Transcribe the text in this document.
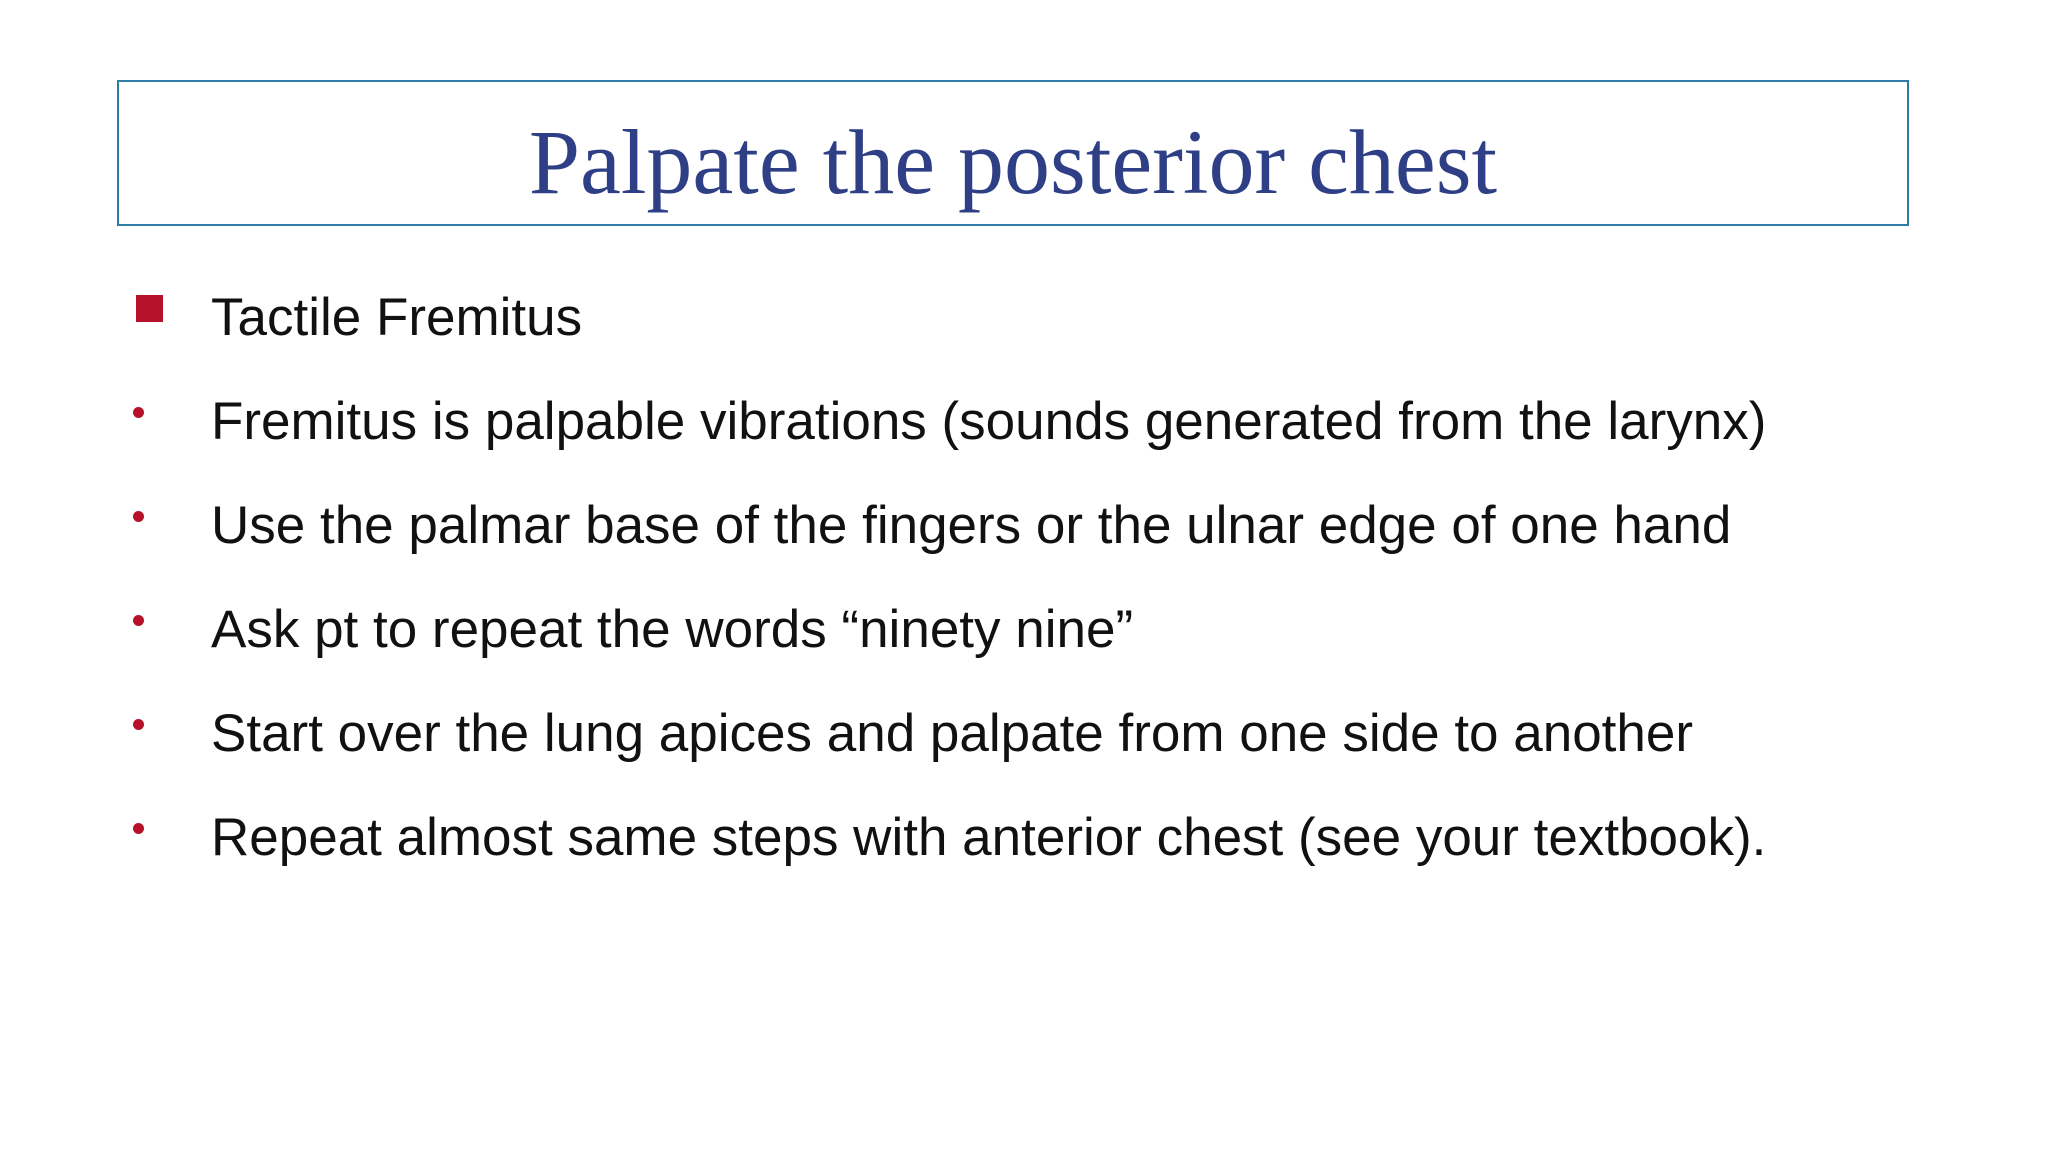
Palpate the posterior chest
Tactile Fremitus
Fremitus is palpable vibrations (sounds generated from the larynx)
Use the palmar base of the fingers or the ulnar edge of one hand
Ask pt to repeat the words “ninety nine”
Start over the lung apices and palpate from one side to another
Repeat almost same steps with anterior chest (see your textbook).
